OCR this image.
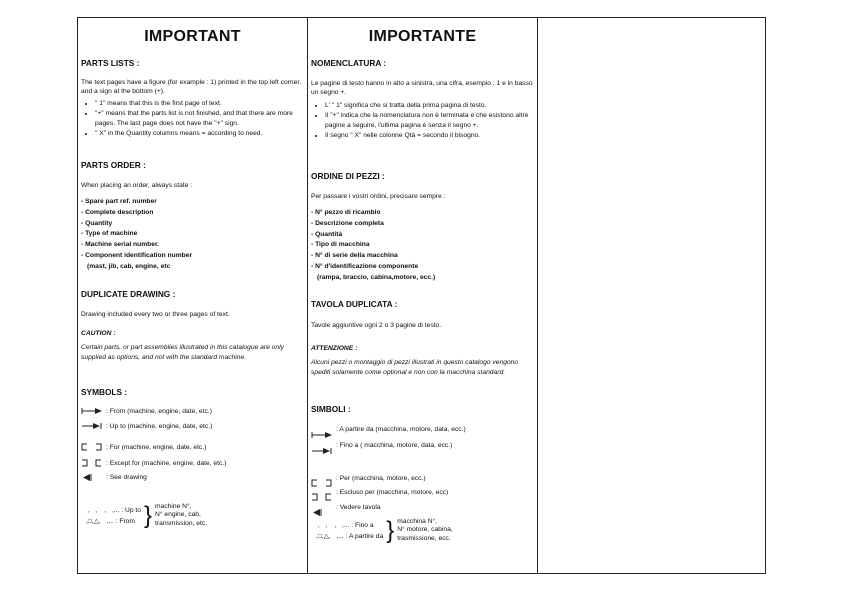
IMPORTANT
PARTS LISTS :
The text pages have a figure (for example : 1) printed in the top left corner, and a sign at the bottom (+).
• " 1" means that this is the first page of text.
• "+" means that the parts list is not finished, and that there are more pages. The last page does not have the "+" sign.
• " X" in the Quantity columns means = according to need.
PARTS ORDER :
When placing an order, always state :
- Spare part ref. number
- Complete description
- Quantity
- Type of machine
- Machine serial number.
- Component identification number
(mast, jib, cab, engine, etc
DUPLICATE DRAWING :
Drawing included every two or three pages of text.
CAUTION :
Certain parts, or part assemblies illustrated in this catalogue are only supplied as options, and not with the standard machine.
SYMBOLS :
: From (machine, engine, date, etc.)
: Up to (machine, engine, date, etc.)
: For (machine, engine, date, etc.)
: Except for (machine, engine, date, etc.)
: See drawing
,   ,    ,   ,... : Up to
,□,△,   ,... : From } machine N°,
N° engine, cab,
transmission, etc.
IMPORTANTE
NOMENCLATURA :
Le pagine di testo hanno in alto a sinistra, una cifra, esempio : 1 e in basso un segno +.
• L' " 1" significa che si tratta della prima pagina di testo.
• Il "+" indica che la nomenclatura non è terminata e che esistono altre pagine a seguire, l'ultima pagina è senza il segno +.
• Il segno " X" nelle colonne Qtà = secondo il bisogno.
ORDINE DI PEZZI :
Per passare i vostri ordini, precisare sempre :
- N° pezzo di ricambio
- Descrizione completa
- Quantità
- Tipo di macchina
- N° di serie della macchina
- N° d'identificazione componente
(rampa, braccio, cabina,motore, ecc.)
TAVOLA DUPLICATA :
Tavole aggiuntive ogni 2 o 3 pagine di testo.
ATTENZIONE :
Alcuni pezzi o montaggio di pezzi illustrati in questo catalogo vengono spediti solamente come optional e non con la macchina standard.
SIMBOLI :
: A partire da (macchina, motore, data, ecc.)
: Fino a ( macchina, motore, data, ecc.)
: Per (macchina, motore, ecc.)
: Escluso per (macchina, motore, ecc)
: Vedere tavola
,   ,    ,   ,... : Fino a
,□,△,   ,... : A partire da } macchina N°,
N° motore, cabina,
trasmissione, ecc.
